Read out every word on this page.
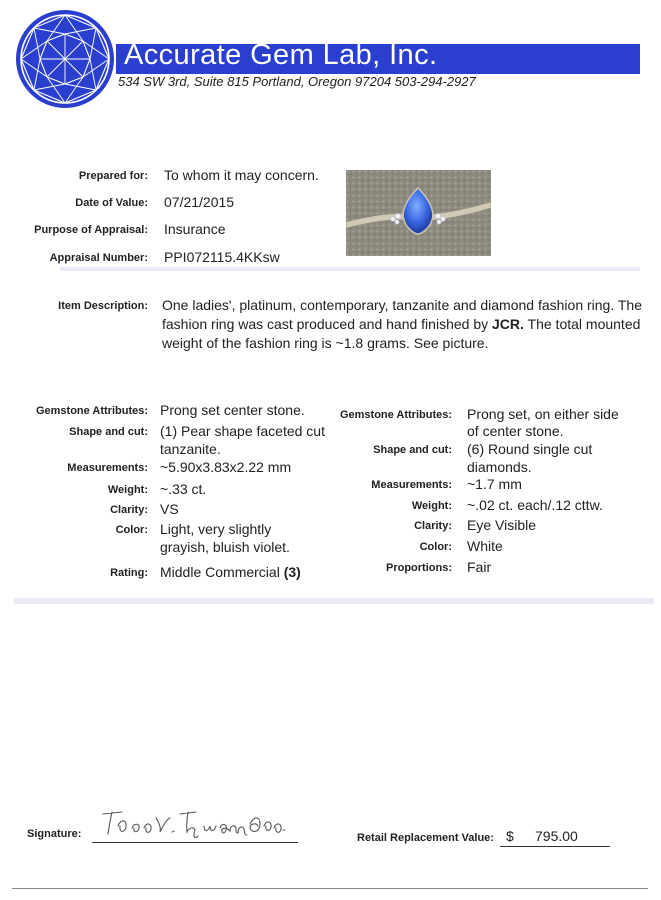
Accurate Gem Lab, Inc.
534 SW 3rd, Suite 815 Portland, Oregon 97204 503-294-2927
Prepared for: To whom it may concern.
Date of Value: 07/21/2015
Purpose of Appraisal: Insurance
Appraisal Number: PPI072115.4KKsw
Item Description: One ladies', platinum, contemporary, tanzanite and diamond fashion ring. The fashion ring was cast produced and hand finished by JCR. The total mounted weight of the fashion ring is ~1.8 grams. See picture.
Gemstone Attributes: Prong set center stone.
Shape and cut: (1) Pear shape faceted cut
tanzanite.
Measurements: ~5.90x3.83x2.22 mm
Weight: ~.33 ct.
Clarity: VS
Color: Light, very slightly
grayish, bluish violet.
Rating: Middle Commercial (3)
Gemstone Attributes: Prong set, on either side
of center stone.
Shape and cut: (6) Round single cut
diamonds.
Measurements: ~1.7 mm
Weight: ~.02 ct. each/.12 cttw.
Clarity: Eye Visible
Color: White
Proportions: Fair
Signature:	Retail Replacement Value: $ 795.00
